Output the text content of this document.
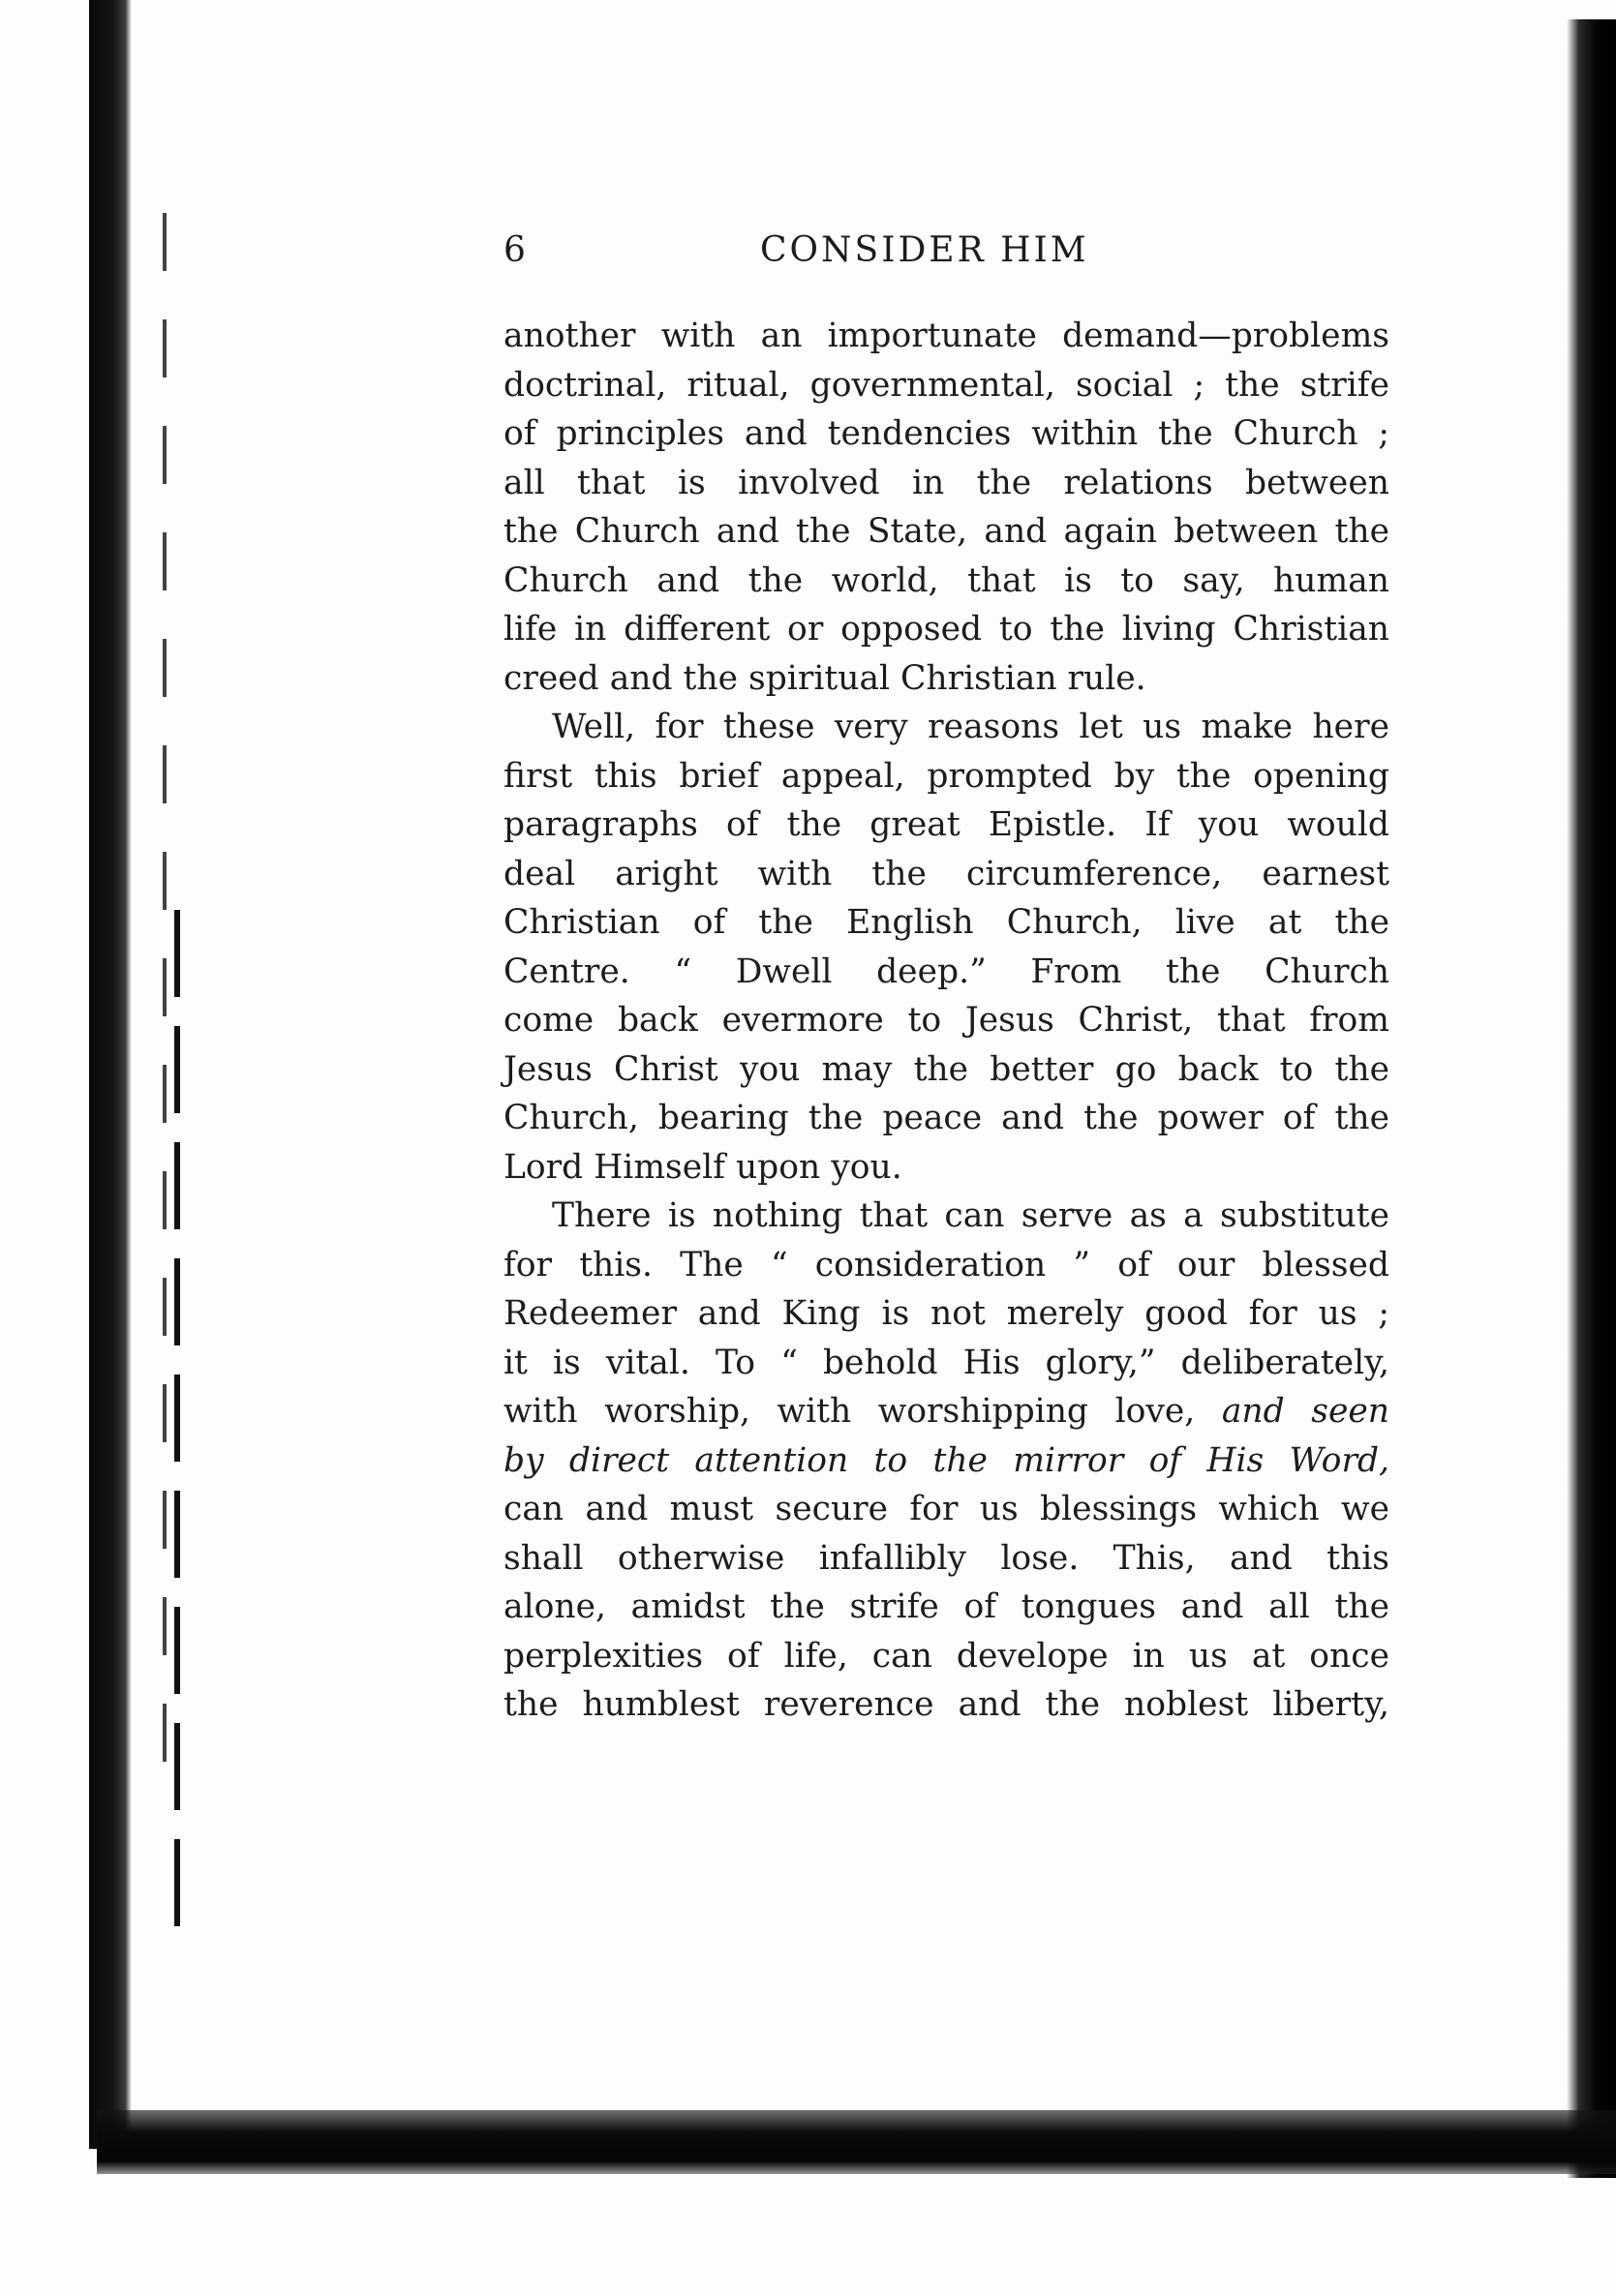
6	CONSIDER HIM
another with an importunate demand—problems
doctrinal, ritual, governmental, social ; the strife
of principles and tendencies within the Church ;
all that is involved in the relations between
the Church and the State, and again between the
Church and the world, that is to say, human
life in different or opposed to the living Christian
creed and the spiritual Christian rule.
Well, for these very reasons let us make here
first this brief appeal, prompted by the opening
paragraphs of the great Epistle. If you would
deal aright with the circumference, earnest
Christian of the English Church, live at the
Centre. “ Dwell deep.” From the Church
come back evermore to Jesus Christ, that from
Jesus Christ you may the better go back to the
Church, bearing the peace and the power of the
Lord Himself upon you.
There is nothing that can serve as a substitute
for this. The “ consideration ” of our blessed
Redeemer and King is not merely good for us ;
it is vital. To “ behold His glory,” deliberately,
with worship, with worshipping love, and seen
by direct attention to the mirror of His Word,
can and must secure for us blessings which we
shall otherwise infallibly lose. This, and this
alone, amidst the strife of tongues and all the
perplexities of life, can develope in us at once
the humblest reverence and the noblest liberty,
